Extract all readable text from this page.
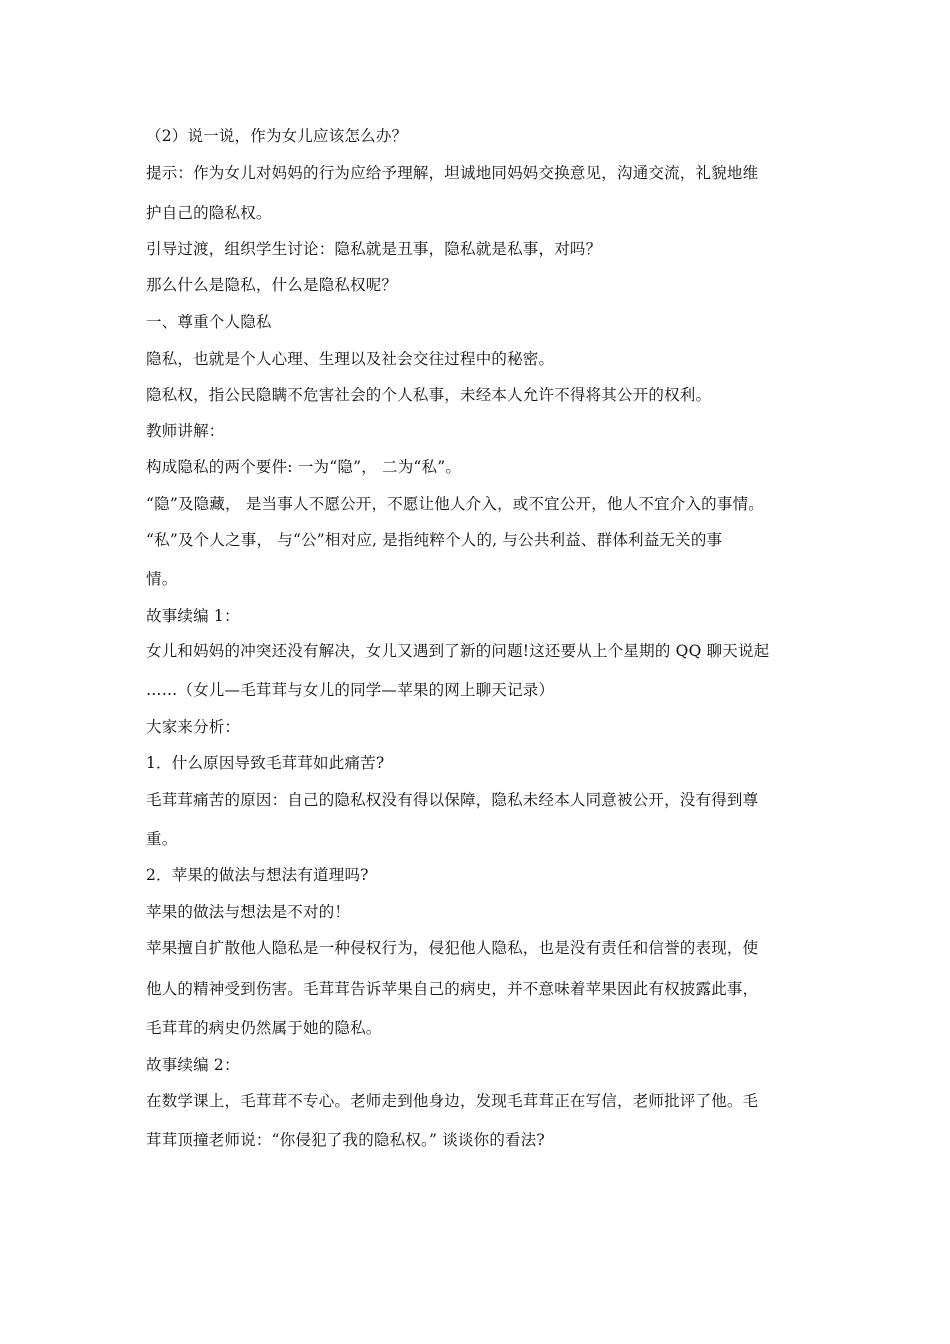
（2）说一说，作为女儿应该怎么办？
提示：作为女儿对妈妈的行为应给予理解，坦诚地同妈妈交换意见，沟通交流，礼貌地维
护自己的隐私权。
引导过渡，组织学生讨论：隐私就是丑事，隐私就是私事，对吗？
那么什么是隐私，什么是隐私权呢？
一、尊重个人隐私
隐私，也就是个人心理、生理以及社会交往过程中的秘密。
隐私权，指公民隐瞒不危害社会的个人私事，未经本人允许不得将其公开的权利。
教师讲解：
构成隐私的两个要件: 一为“隐”， 二为“私”。
“隐”及隐藏， 是当事人不愿公开，不愿让他人介入，或不宜公开，他人不宜介入的事情。
“私”及个人之事， 与“公”相对应, 是指纯粹个人的, 与公共利益、群体利益无关的事
情。
故事续编 1：
女儿和妈妈的冲突还没有解决，女儿又遇到了新的问题!这还要从上个星期的 QQ 聊天说起
……（女儿—毛茸茸与女儿的同学—苹果的网上聊天记录）
大家来分析：
1．什么原因导致毛茸茸如此痛苦?
毛茸茸痛苦的原因：自己的隐私权没有得以保障，隐私未经本人同意被公开，没有得到尊
重。
2．苹果的做法与想法有道理吗?
苹果的做法与想法是不对的！
苹果擅自扩散他人隐私是一种侵权行为，侵犯他人隐私，也是没有责任和信誉的表现，使
他人的精神受到伤害。毛茸茸告诉苹果自己的病史，并不意味着苹果因此有权披露此事，
毛茸茸的病史仍然属于她的隐私。
故事续编 2：
在数学课上，毛茸茸不专心。老师走到他身边，发现毛茸茸正在写信，老师批评了他。毛
茸茸顶撞老师说：“你侵犯了我的隐私权。” 谈谈你的看法?
